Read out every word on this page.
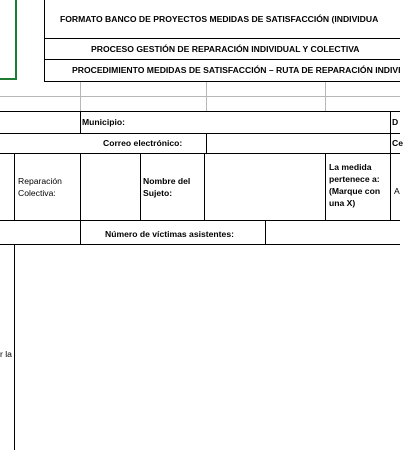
FORMATO BANCO DE PROYECTOS MEDIDAS DE SATISFACCIÓN (INDIVIDUA
PROCESO GESTIÓN DE REPARACIÓN INDIVIDUAL Y COLECTIVA
PROCEDIMIENTO MEDIDAS DE SATISFACCIÓN – RUTA DE REPARACIÓN INDIVI
Municipio:	D
Correo electrónico:	Ce
Reparación
Colectiva:
Nombre del
Sujeto:
La medida
pertenece a:
(Marque con
una X)
A
Número de víctimas asistentes:
r la
